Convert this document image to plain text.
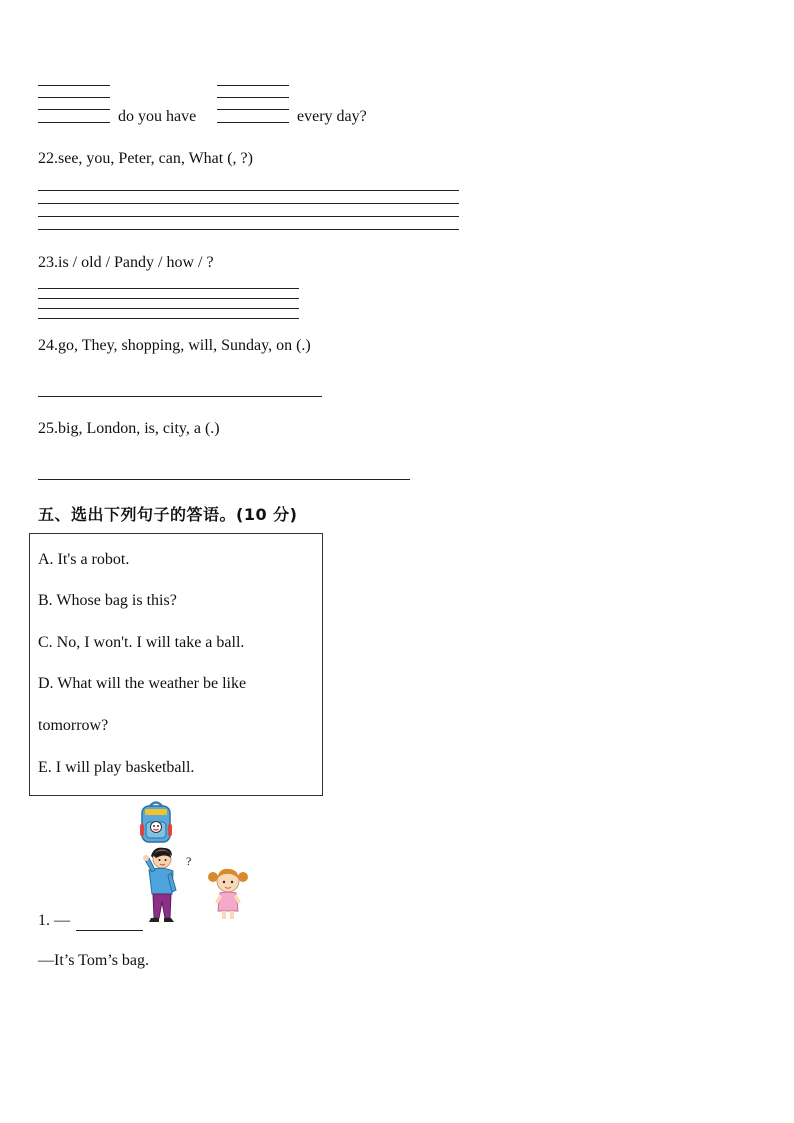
do you have	every day?
22.see, you, Peter, can, What (, ?)
23.is / old / Pandy / how / ?
24.go, They, shopping, will, Sunday, on (.)
25.big, London, is, city, a (.)
五、选出下列句子的答语。(10 分)
A. It's a robot.
B. Whose bag is this?
C. No, I won't. I will take a ball.
D. What will the weather be like
tomorrow?
E. I will play basketball.
?
1. —
—It’s Tom’s bag.
